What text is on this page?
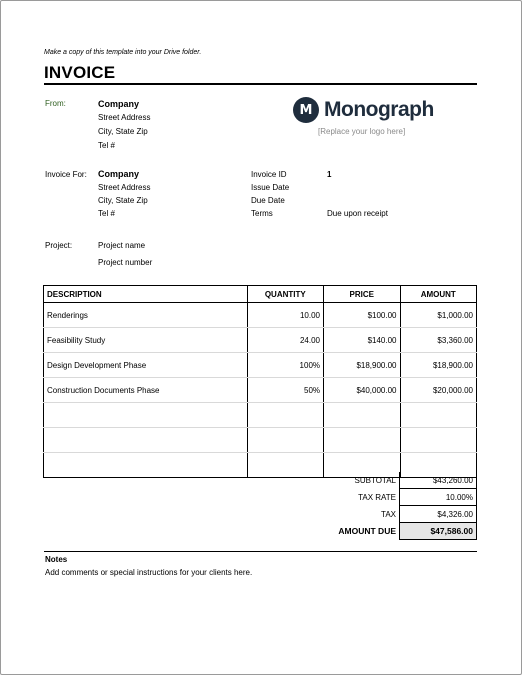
Make a copy of this template into your Drive folder.
INVOICE
From:	Company
Street Address
City, State Zip
Tel #
M Monograph
[Replace your logo here]
Invoice For: Company
Street Address
City, State Zip
Tel #
Invoice ID	1
Issue Date
Due Date
Terms	Due upon receipt
Project:	Project name
Project number
DESCRIPTION	QUANTITY	PRICE	AMOUNT
Renderings	10.00	$100.00	$1,000.00
Feasibility Study	24.00	$140.00	$3,360.00
Design Development Phase	100%	$18,900.00	$18,900.00
Construction Documents Phase	50%	$40,000.00	$20,000.00

SUBTOTAL	$43,260.00
TAX RATE	10.00%
TAX	$4,326.00
AMOUNT DUE	$47,586.00
Notes
Add comments or special instructions for your clients here.
